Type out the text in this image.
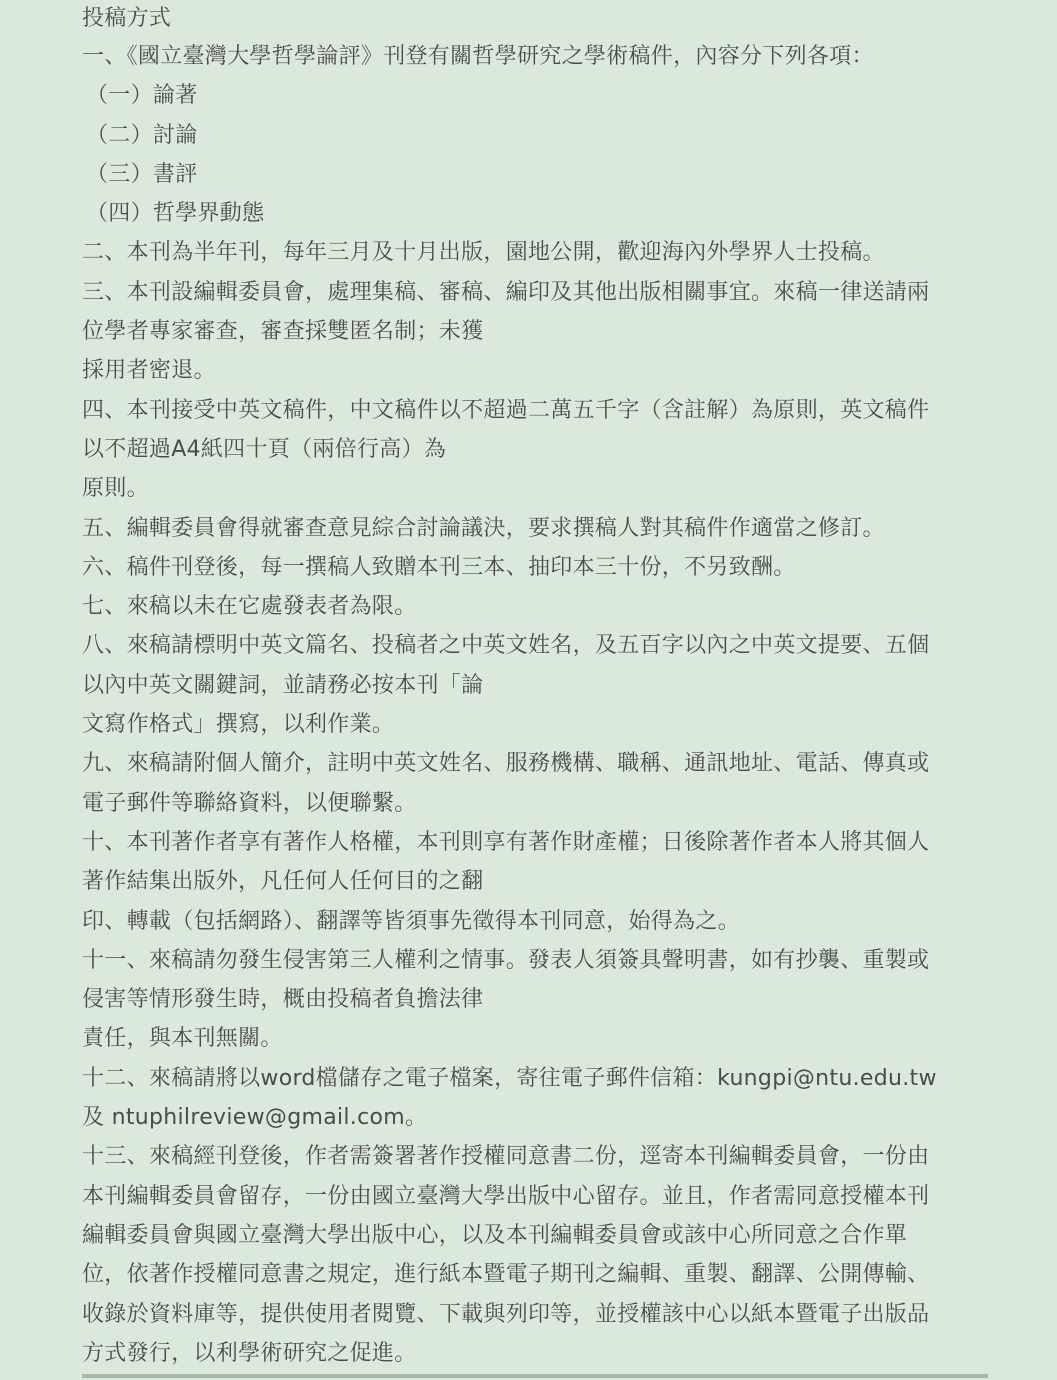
投稿方式
一、《國立臺灣大學哲學論評》刊登有關哲學研究之學術稿件，內容分下列各項：
（一）論著
（二）討論
（三）書評
（四）哲學界動態
二、本刊為半年刊，每年三月及十月出版，園地公開，歡迎海內外學界人士投稿。
三、本刊設編輯委員會，處理集稿、審稿、編印及其他出版相關事宜。來稿一律送請兩
位學者專家審查，審查採雙匿名制；未獲
採用者密退。
四、本刊接受中英文稿件，中文稿件以不超過二萬五千字（含註解）為原則，英文稿件
以不超過A4紙四十頁（兩倍行高）為
原則。
五、編輯委員會得就審查意見綜合討論議決，要求撰稿人對其稿件作適當之修訂。
六、稿件刊登後，每一撰稿人致贈本刊三本、抽印本三十份，不另致酬。
七、來稿以未在它處發表者為限。
八、來稿請標明中英文篇名、投稿者之中英文姓名，及五百字以內之中英文提要、五個
以內中英文關鍵詞，並請務必按本刊「論
文寫作格式」撰寫，以利作業。
九、來稿請附個人簡介，註明中英文姓名、服務機構、職稱、通訊地址、電話、傳真或
電子郵件等聯絡資料，以便聯繫。
十、本刊著作者享有著作人格權，本刊則享有著作財產權；日後除著作者本人將其個人
著作結集出版外，凡任何人任何目的之翻
印、轉載（包括網路）、翻譯等皆須事先徵得本刊同意，始得為之。
十一、來稿請勿發生侵害第三人權利之情事。發表人須簽具聲明書，如有抄襲、重製或
侵害等情形發生時，概由投稿者負擔法律
責任，與本刊無關。
十二、來稿請將以word檔儲存之電子檔案，寄往電子郵件信箱：kungpi@ntu.edu.tw
及 ntuphilreview@gmail.com。
十三、來稿經刊登後，作者需簽署著作授權同意書二份，逕寄本刊編輯委員會，一份由
本刊編輯委員會留存，一份由國立臺灣大學出版中心留存。並且，作者需同意授權本刊
編輯委員會與國立臺灣大學出版中心，以及本刊編輯委員會或該中心所同意之合作單
位，依著作授權同意書之規定，進行紙本暨電子期刊之編輯、重製、翻譯、公開傳輸、
收錄於資料庫等，提供使用者閱覽、下載與列印等，並授權該中心以紙本暨電子出版品
方式發行，以利學術研究之促進。
